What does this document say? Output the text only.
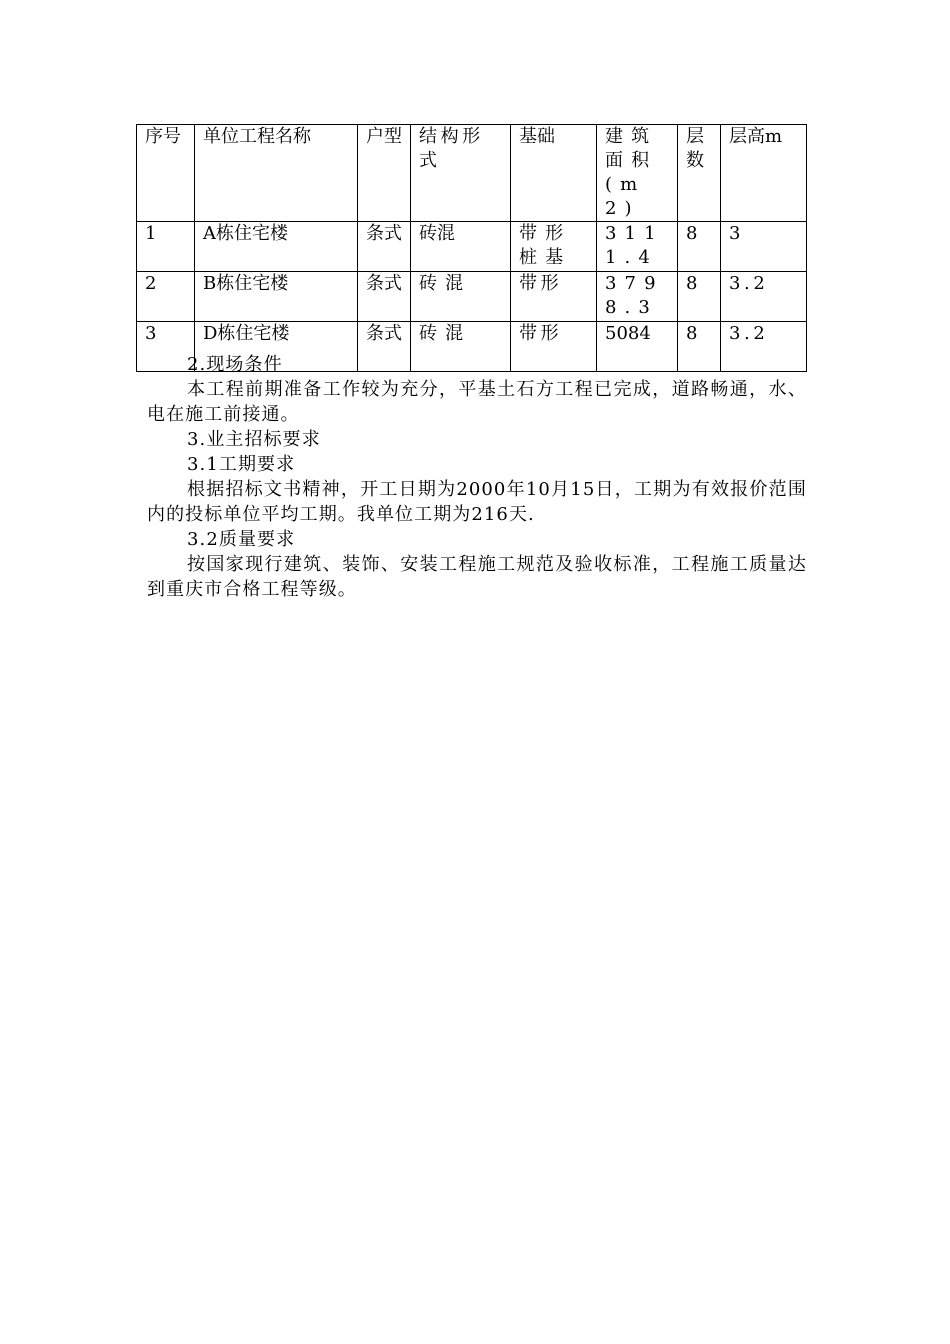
序号	单位工程名称	户型	结构形式	基础	建筑面积(m2)	层数	层高m
1	A栋住宅楼	条式	砖混	带形桩基	3111.4	8	3
2	B栋住宅楼	条式	砖混	带形	3798.3	8	3.2
3	D栋住宅楼	条式	砖混	带形	5084	8	3.2

2.现场条件

本工程前期准备工作较为充分，平基土石方工程已完成，道路畅通，水、电在施工前接通。

3.业主招标要求

3.1工期要求

根据招标文书精神，开工日期为2000年10月15日，工期为有效报价范围内的投标单位平均工期。我单位工期为216天.

3.2质量要求

按国家现行建筑、装饰、安装工程施工规范及验收标准，工程施工质量达到重庆市合格工程等级。
